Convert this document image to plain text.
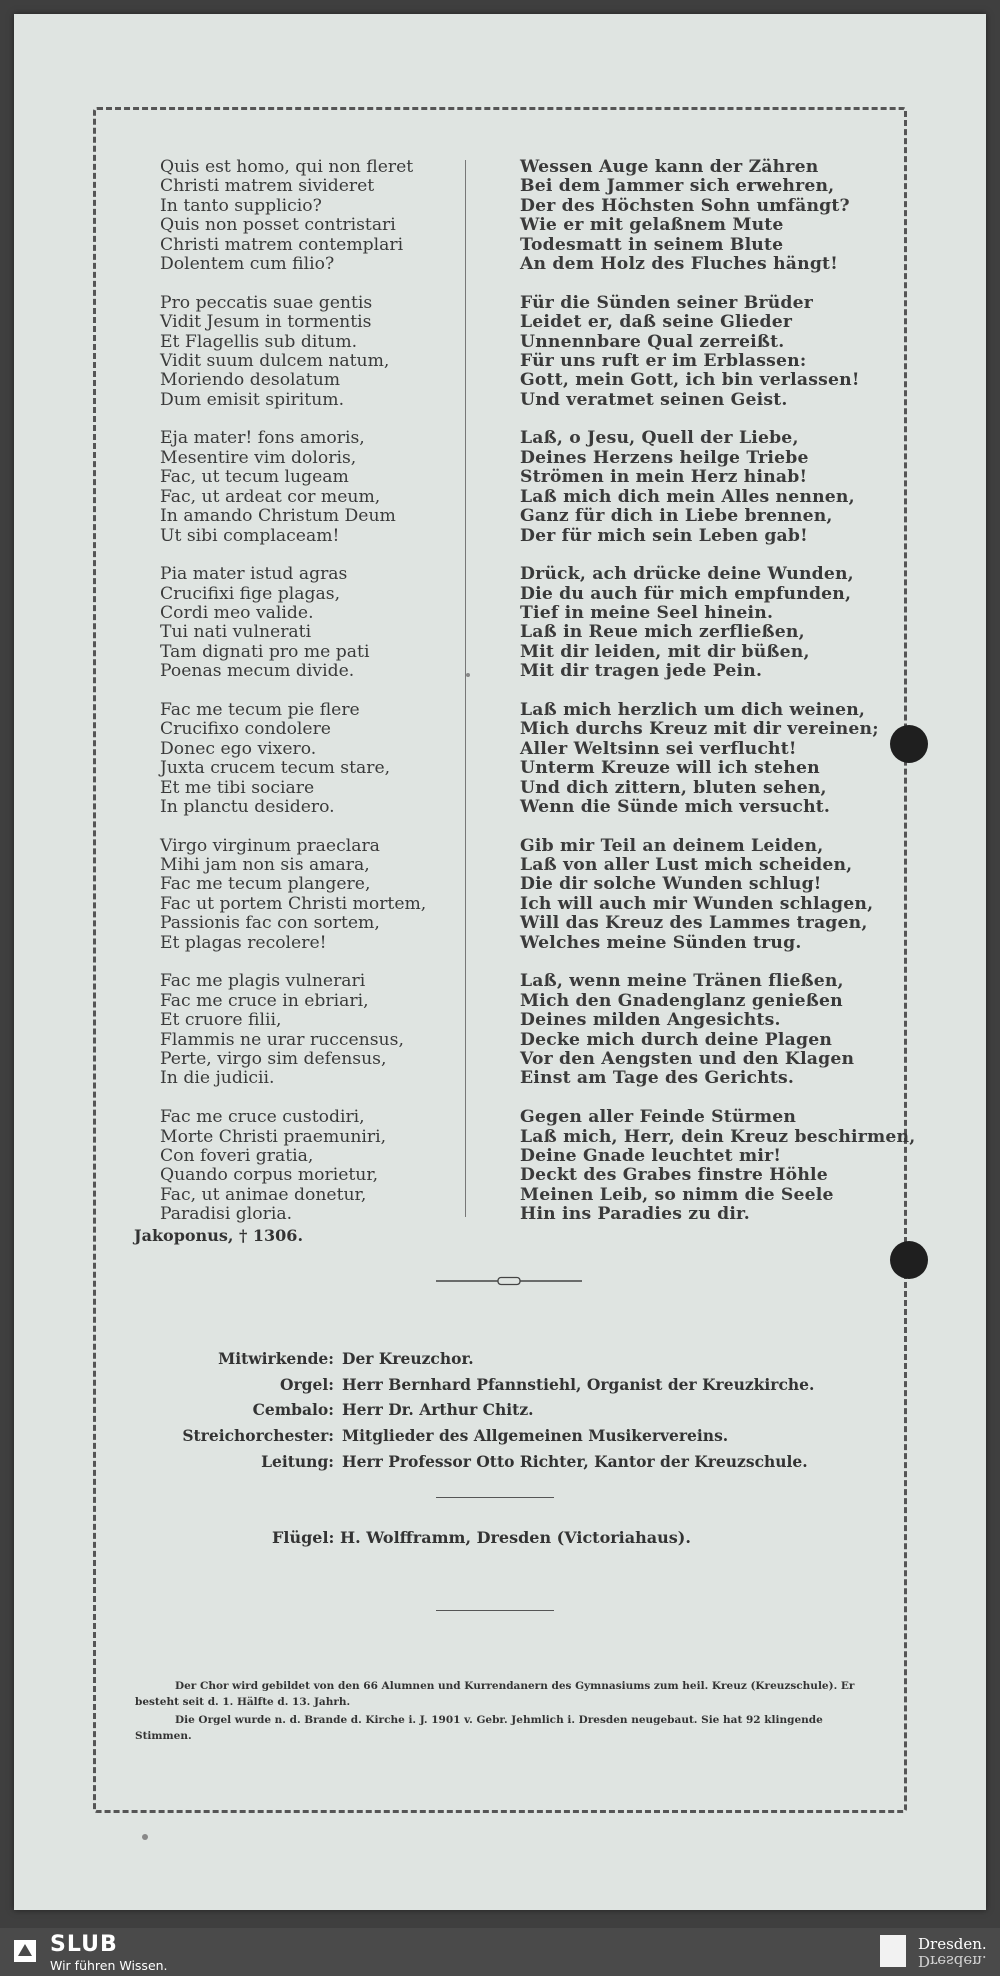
Quis est homo, qui non fleret
Christi matrem sivideret
In tanto supplicio?
Quis non posset contristari
Christi matrem contemplari
Dolentem cum filio?
Pro peccatis suae gentis
Vidit Jesum in tormentis
Et Flagellis sub ditum.
Vidit suum dulcem natum,
Moriendo desolatum
Dum emisit spiritum.
Eja mater! fons amoris,
Mesentire vim doloris,
Fac, ut tecum lugeam
Fac, ut ardeat cor meum,
In amando Christum Deum
Ut sibi complaceam!
Pia mater istud agras
Crucifixi fige plagas,
Cordi meo valide.
Tui nati vulnerati
Tam dignati pro me pati
Poenas mecum divide.
Fac me tecum pie flere
Crucifixo condolere
Donec ego vixero.
Juxta crucem tecum stare,
Et me tibi sociare
In planctu desidero.
Virgo virginum praeclara
Mihi jam non sis amara,
Fac me tecum plangere,
Fac ut portem Christi mortem,
Passionis fac con sortem,
Et plagas recolere!
Fac me plagis vulnerari
Fac me cruce in ebriari,
Et cruore filii,
Flammis ne urar ruccensus,
Perte, virgo sim defensus,
In die judicii.
Fac me cruce custodiri,
Morte Christi praemuniri,
Con foveri gratia,
Quando corpus morietur,
Fac, ut animae donetur,
Paradisi gloria.
Wessen Auge kann der Zähren
Bei dem Jammer sich erwehren,
Der des Höchsten Sohn umfängt?
Wie er mit gelaßnem Mute
Todesmatt in seinem Blute
An dem Holz des Fluches hängt!
Für die Sünden seiner Brüder
Leidet er, daß seine Glieder
Unnennbare Qual zerreißt.
Für uns ruft er im Erblassen:
Gott, mein Gott, ich bin verlassen!
Und veratmet seinen Geist.
Laß, o Jesu, Quell der Liebe,
Deines Herzens heilge Triebe
Strömen in mein Herz hinab!
Laß mich dich mein Alles nennen,
Ganz für dich in Liebe brennen,
Der für mich sein Leben gab!
Drück, ach drücke deine Wunden,
Die du auch für mich empfunden,
Tief in meine Seel hinein.
Laß in Reue mich zerfließen,
Mit dir leiden, mit dir büßen,
Mit dir tragen jede Pein.
Laß mich herzlich um dich weinen,
Mich durchs Kreuz mit dir vereinen;
Aller Weltsinn sei verflucht!
Unterm Kreuze will ich stehen
Und dich zittern, bluten sehen,
Wenn die Sünde mich versucht.
Gib mir Teil an deinem Leiden,
Laß von aller Lust mich scheiden,
Die dir solche Wunden schlug!
Ich will auch mir Wunden schlagen,
Will das Kreuz des Lammes tragen,
Welches meine Sünden trug.
Laß, wenn meine Tränen fließen,
Mich den Gnadenglanz genießen
Deines milden Angesichts.
Decke mich durch deine Plagen
Vor den Aengsten und den Klagen
Einst am Tage des Gerichts.
Gegen aller Feinde Stürmen
Laß mich, Herr, dein Kreuz beschirmen,
Deine Gnade leuchtet mir!
Deckt des Grabes finstre Höhle
Meinen Leib, so nimm die Seele
Hin ins Paradies zu dir.
Jakoponus, † 1306.
Mitwirkende: Der Kreuzchor.
Orgel: Herr Bernhard Pfannstiehl, Organist der Kreuzkirche.
Cembalo: Herr Dr. Arthur Chitz.
Streichorchester: Mitglieder des Allgemeinen Musikervereins.
Leitung: Herr Professor Otto Richter, Kantor der Kreuzschule.
Flügel: H. Wolfframm, Dresden (Victoriahaus).
Der Chor wird gebildet von den 66 Alumnen und Kurrendanern des Gymnasiums zum heil. Kreuz (Kreuzschule). Er besteht seit d. 1. Hälfte d. 13. Jahrh.
Die Orgel wurde n. d. Brande d. Kirche i. J. 1901 v. Gebr. Jehmlich i. Dresden neugebaut. Sie hat 92 klingende Stimmen.
SLUB
Wir führen Wissen.
Dresden.
Dresden.
